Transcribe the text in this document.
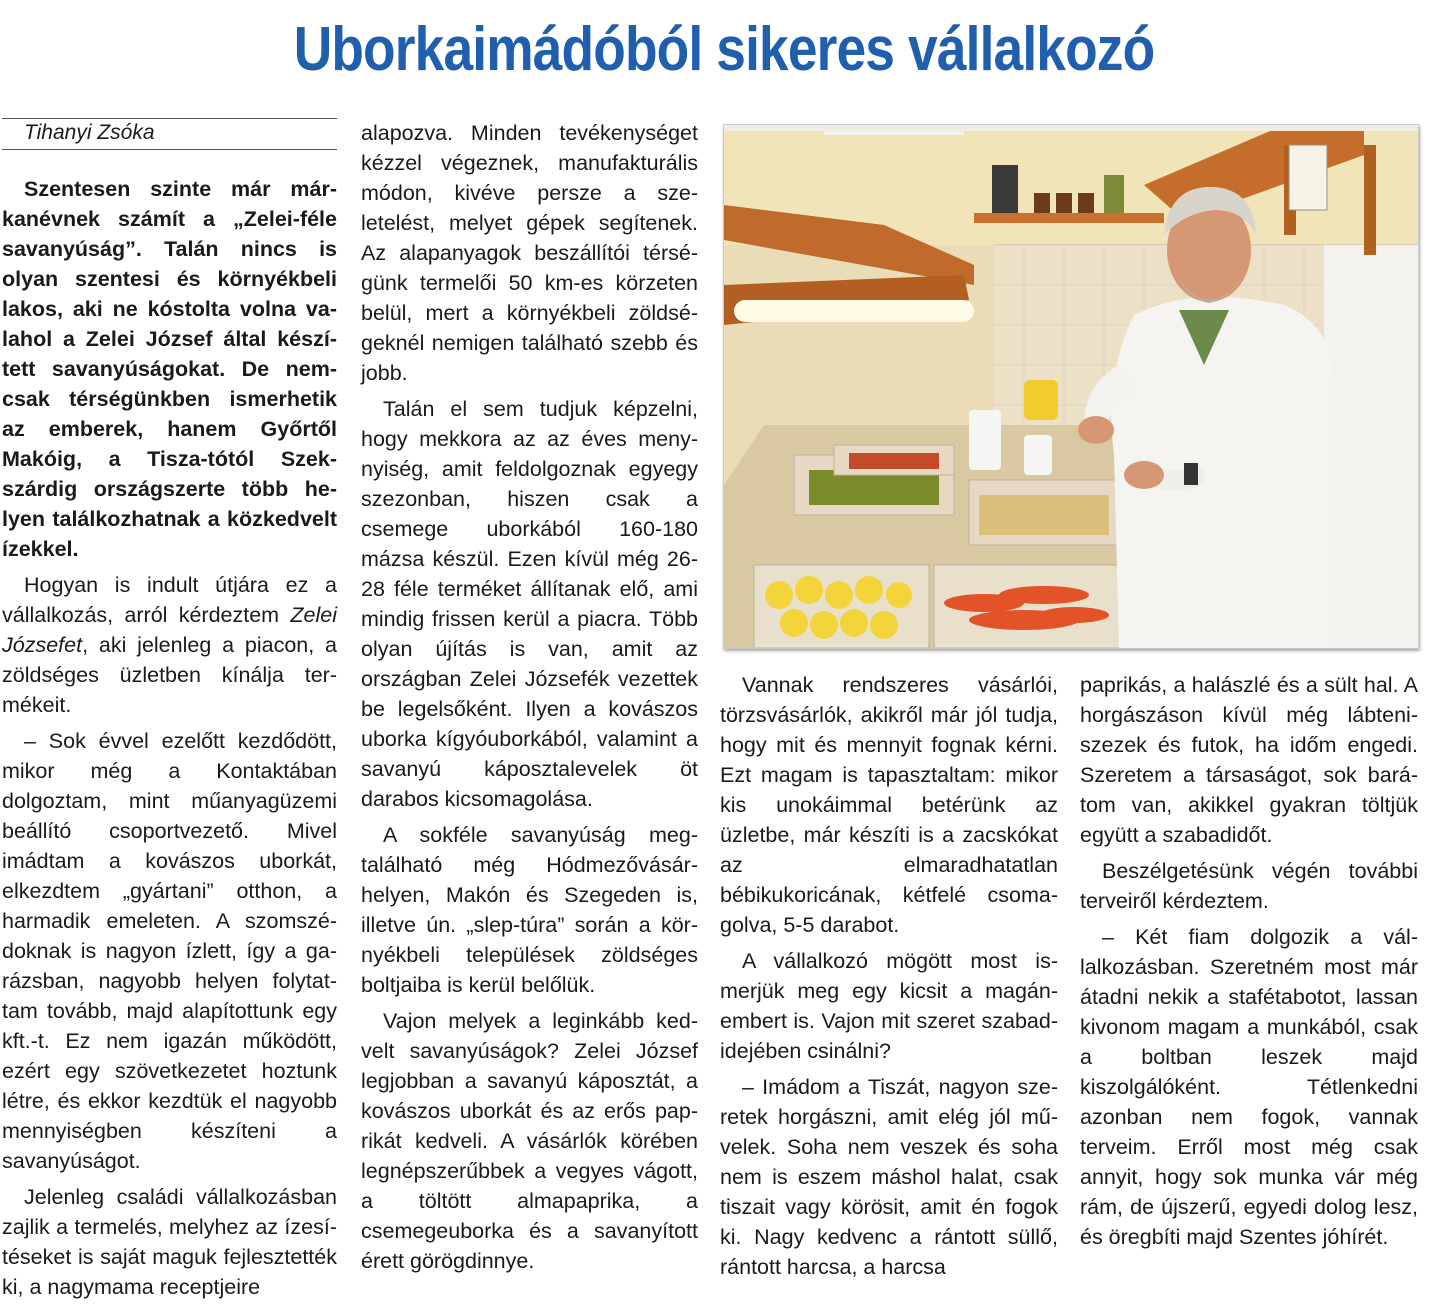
Uborkaimádóból sikeres vállalkozó
Tihanyi Zsóka

Szentesen szinte már márkanévnek számít a „Zelei-féle savanyúság”. Talán nincs is olyan szentesi és környékbeli lakos, aki ne kóstolta volna valahol a Zelei József által készített savanyúságokat. De nemcsak térségünkben ismerhetik az emberek, hanem Győrtől Makóig, a Tisza-tótól Szekszárdig országszerte több helyen találkozhatnak a közkedvelt ízekkel.

Hogyan is indult útjára ez a vállalkozás, arról kérdeztem Zelei Józsefet, aki jelenleg a piacon, a zöldséges üzletben kínálja termékeit.

– Sok évvel ezelőtt kezdődött, mikor még a Kontaktában dolgoztam, mint műanyagüzemi beállító csoportvezető. Mivel imádtam a kovászos uborkát, elkezdtem „gyártani” otthon, a harmadik emeleten. A szomszédoknak is nagyon ízlett, így a garázsban, nagyobb helyen folytattam tovább, majd alapítottunk egy kft.-t. Ez nem igazán működött, ezért egy szövetkezetet hoztunk létre, és ekkor kezdtük el nagyobb mennyiségben készíteni a savanyúságot.

Jelenleg családi vállalkozásban zajlik a termelés, melyhez az ízesítéseket is saját maguk fejlesztették ki, a nagymama receptjeire

alapozva. Minden tevékenységet kézzel végeznek, manufakturális módon, kivéve persze a szeletelést, melyet gépek segítenek. Az alapanyagok beszállítói térségünk termelői 50 km-es körzeten belül, mert a környékbeli zöldségeknél nemigen található szebb és jobb.

Talán el sem tudjuk képzelni, hogy mekkora az az éves menynyiség, amit feldolgoznak egyegy szezonban, hiszen csak a csemege uborkából 160-180 mázsa készül. Ezen kívül még 26-28 féle terméket állítanak elő, ami mindig frissen kerül a piacra. Több olyan újítás is van, amit az országban Zelei Józsefék vezettek be legelsőként. Ilyen a kovászos uborka kígyóuborkából, valamint a savanyú káposztalevelek öt darabos kicsomagolása.

A sokféle savanyúság megtalálható még Hódmezővásárhelyen, Makón és Szegeden is, illetve ún. „slep-túra” során a környékbeli települések zöldséges boltjaiba is kerül belőlük.

Vajon melyek a leginkább kedvelt savanyúságok? Zelei József legjobban a savanyú káposztát, a kovászos uborkát és az erős paprikát kedveli. A vásárlók körében legnépszerűbbek a vegyes vágott, a töltött almapaprika, a csemegeuborka és a savanyított érett görögdinnye.

Vannak rendszeres vásárlói, törzsvásárlók, akikről már jól tudja, hogy mit és mennyit fognak kérni. Ezt magam is tapasztaltam: mikor kis unokáimmal betérünk az üzletbe, már készíti is a zacskókat az elmaradhatatlan bébikukoricának, kétfelé csomagolva, 5-5 darabot.

A vállalkozó mögött most ismerjük meg egy kicsit a magánembert is. Vajon mit szeret szabadidejében csinálni?

– Imádom a Tiszát, nagyon szeretek horgászni, amit elég jól művelek. Soha nem veszek és soha nem is eszem máshol halat, csak tiszait vagy körösit, amit én fogok ki. Nagy kedvenc a rántott süllő, rántott harcsa, a harcsa

paprikás, a halászlé és a sült hal. A horgászáson kívül még lábteniszezek és futok, ha időm engedi. Szeretem a társaságot, sok barátom van, akikkel gyakran töltjük együtt a szabadidőt.

Beszélgetésünk végén további terveiről kérdeztem.

– Két fiam dolgozik a vállalkozásban. Szeretném most már átadni nekik a stafétabotot, lassan kivonom magam a munkából, csak a boltban leszek majd kiszolgálóként. Tétlenkedni azonban nem fogok, vannak terveim. Erről most még csak annyit, hogy sok munka vár még rám, de újszerű, egyedi dolog lesz, és öregbíti majd Szentes jóhírét.
